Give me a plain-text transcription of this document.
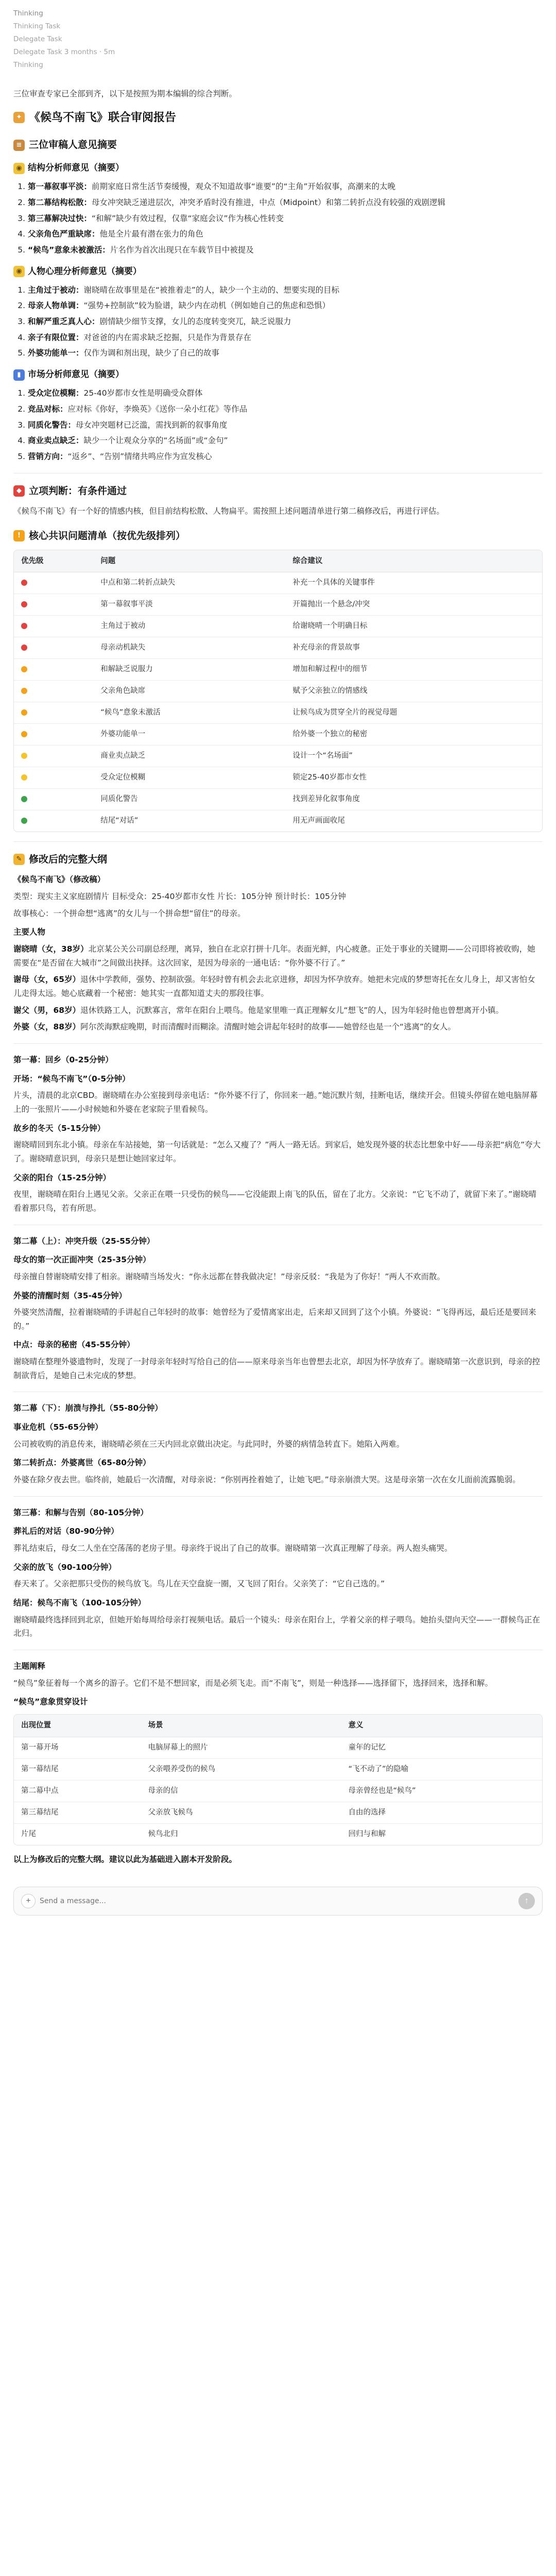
Thinking
Thinking Task
Delegate Task
Delegate Task 3 months · 5m
Thinking

三位审查专家已全部到齐，以下是按照为期本编辑的综合判断。

✦ 《候鸟不南飞》联合审阅报告
≡ 三位审稿人意见摘要
◉ 结构分析师意见（摘要）
1. 第一幕叙事平淡：前期家庭日常生活节奏缓慢，观众不知道故事“谁要”的“主角”开始叙事，高潮来的太晚
2. 第二幕结构松散：母女冲突缺乏递进层次，冲突矛盾时没有推进，中点（Midpoint）和第二转折点没有较强的戏剧逻辑
3. 第三幕解决过快：“和解”缺少有效过程，仅靠“家庭会议”作为核心性转变
4. 父亲角色严重缺席：他是全片最有潜在张力的角色
5. “候鸟”意象未被激活：片名作为首次出现只在车载节目中被提及
◉ 人物心理分析师意见（摘要）
1. 主角过于被动：谢晓晴在故事里是在“被推着走”的人，缺少一个主动的、想要实现的目标
2. 母亲人物单调：“强势+控制欲”较为脸谱，缺少内在动机（例如她自己的焦虑和恐惧）
3. 和解严重乏真人心：剧情缺少细节支撑，女儿的态度转变突兀，缺乏说服力
4. 亲子有限位置：对爸爸的内在需求缺乏挖掘，只是作为背景存在
5. 外婆功能单一：仅作为调和剂出现，缺少了自己的故事
▮ 市场分析师意见（摘要）
1. 受众定位模糊：25-40岁都市女性是明确受众群体
2. 竞品对标：应对标《你好，李焕英》《送你一朵小红花》等作品
3. 同质化警告：母女冲突题材已泛滥，需找到新的叙事角度
4. 商业卖点缺乏：缺少一个让观众分享的“名场面”或“金句”
5. 营销方向：“返乡”、“告别”情绪共鸣应作为宣发核心
◆ 立项判断：有条件通过

《候鸟不南飞》有一个好的情感内核，但目前结构松散、人物扁平。需按照上述问题清单进行第二稿修改后，再进行评估。

! 核心共识问题清单（按优先级排列）
优先级	问题	综合建议
	中点和第二转折点缺失	补充一个具体的关键事件
	第一幕叙事平淡	开篇抛出一个悬念/冲突
	主角过于被动	给谢晓晴一个明确目标
	母亲动机缺失	补充母亲的背景故事
	和解缺乏说服力	增加和解过程中的细节
	父亲角色缺席	赋予父亲独立的情感线
	“候鸟”意象未激活	让候鸟成为贯穿全片的视觉母题
	外婆功能单一	给外婆一个独立的秘密
	商业卖点缺乏	设计一个“名场面”
	受众定位模糊	锁定25-40岁都市女性
	同质化警告	找到差异化叙事角度
	结尾“对话”	用无声画面收尾
✎ 修改后的完整大纲

《候鸟不南飞》（修改稿）

类型：现实主义家庭剧情片 目标受众：25-40岁都市女性 片长：105分钟 预计时长：105分钟

故事核心：一个拼命想“逃离”的女儿与一个拼命想“留住”的母亲。

主要人物

谢晓晴（女，38岁）北京某公关公司副总经理，离异，独自在北京打拼十几年。表面光鲜，内心疲惫。正处于事业的关键期——公司即将被收购，她需要在“是否留在大城市”之间做出抉择。这次回家，是因为母亲的一通电话：“你外婆不行了。”

谢母（女，65岁）退休中学教师，强势、控制欲强。年轻时曾有机会去北京进修，却因为怀孕放弃。她把未完成的梦想寄托在女儿身上，却又害怕女儿走得太远。她心底藏着一个秘密：她其实一直都知道丈夫的那段往事。

谢父（男，68岁）退休铁路工人，沉默寡言，常年在阳台上喂鸟。他是家里唯一真正理解女儿“想飞”的人，因为年轻时他也曾想离开小镇。

外婆（女，88岁）阿尔茨海默症晚期，时而清醒时而糊涂。清醒时她会讲起年轻时的故事——她曾经也是一个“逃离”的女人。

第一幕：回乡（0-25分钟）

开场：“候鸟不南飞”（0-5分钟）

片头，清晨的北京CBD。谢晓晴在办公室接到母亲电话：“你外婆不行了，你回来一趟。”她沉默片刻，挂断电话，继续开会。但镜头停留在她电脑屏幕上的一张照片——小时候她和外婆在老家院子里看候鸟。

故乡的冬天（5-15分钟）

谢晓晴回到东北小镇。母亲在车站接她，第一句话就是：“怎么又瘦了？”两人一路无话。到家后，她发现外婆的状态比想象中好——母亲把“病危”夸大了。谢晓晴意识到，母亲只是想让她回家过年。

父亲的阳台（15-25分钟）

夜里，谢晓晴在阳台上遇见父亲。父亲正在喂一只受伤的候鸟——它没能跟上南飞的队伍，留在了北方。父亲说：“它飞不动了，就留下来了。”谢晓晴看着那只鸟，若有所思。

第二幕（上）：冲突升级（25-55分钟）

母女的第一次正面冲突（25-35分钟）

母亲擅自替谢晓晴安排了相亲。谢晓晴当场发火：“你永远都在替我做决定！”母亲反驳：“我是为了你好！”两人不欢而散。

外婆的清醒时刻（35-45分钟）

外婆突然清醒，拉着谢晓晴的手讲起自己年轻时的故事：她曾经为了爱情离家出走，后来却又回到了这个小镇。外婆说：“飞得再远，最后还是要回来的。”

中点：母亲的秘密（45-55分钟）

谢晓晴在整理外婆遗物时，发现了一封母亲年轻时写给自己的信——原来母亲当年也曾想去北京，却因为怀孕放弃了。谢晓晴第一次意识到，母亲的控制欲背后，是她自己未完成的梦想。

第二幕（下）：崩溃与挣扎（55-80分钟）

事业危机（55-65分钟）

公司被收购的消息传来，谢晓晴必须在三天内回北京做出决定。与此同时，外婆的病情急转直下。她陷入两难。

第二转折点：外婆离世（65-80分钟）

外婆在除夕夜去世。临终前，她最后一次清醒，对母亲说：“你别再拴着她了，让她飞吧。”母亲崩溃大哭。这是母亲第一次在女儿面前流露脆弱。

第三幕：和解与告别（80-105分钟）

葬礼后的对话（80-90分钟）

葬礼结束后，母女二人坐在空荡荡的老房子里。母亲终于说出了自己的故事。谢晓晴第一次真正理解了母亲。两人抱头痛哭。

父亲的放飞（90-100分钟）

春天来了。父亲把那只受伤的候鸟放飞。鸟儿在天空盘旋一圈，又飞回了阳台。父亲笑了：“它自己选的。”

结尾：候鸟不南飞（100-105分钟）

谢晓晴最终选择回到北京，但她开始每周给母亲打视频电话。最后一个镜头：母亲在阳台上，学着父亲的样子喂鸟。她抬头望向天空——一群候鸟正在北归。

主题阐释

“候鸟”象征着每一个离乡的游子。它们不是不想回家，而是必须飞走。而“不南飞”，则是一种选择——选择留下，选择回来，选择和解。

“候鸟”意象贯穿设计

出现位置	场景	意义
第一幕开场	电脑屏幕上的照片	童年的记忆
第一幕结尾	父亲喂养受伤的候鸟	“飞不动了”的隐喻
第二幕中点	母亲的信	母亲曾经也是“候鸟”
第三幕结尾	父亲放飞候鸟	自由的选择
片尾	候鸟北归	回归与和解

以上为修改后的完整大纲。建议以此为基础进入剧本开发阶段。

+
Send a message...	↑
